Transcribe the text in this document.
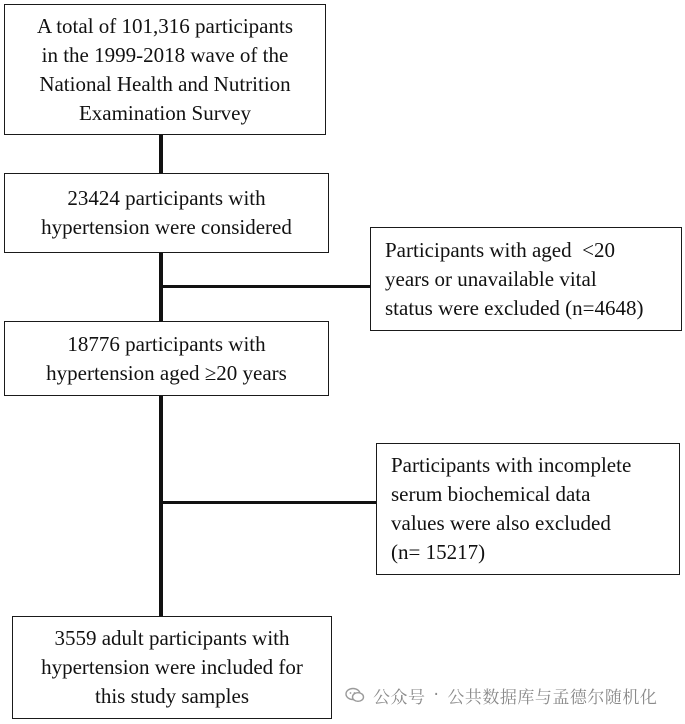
A total of 101,316 participants
in the 1999-2018 wave of the
National Health and Nutrition
Examination Survey
23424 participants with
hypertension were considered
Participants with aged  <20
years or unavailable vital
status were excluded (n=4648)
18776 participants with
hypertension aged ≥20 years
Participants with incomplete
serum biochemical data
values were also excluded
(n= 15217)
3559 adult participants with
hypertension were included for
this study samples	公众号 · 公共数据库与孟德尔随机化
